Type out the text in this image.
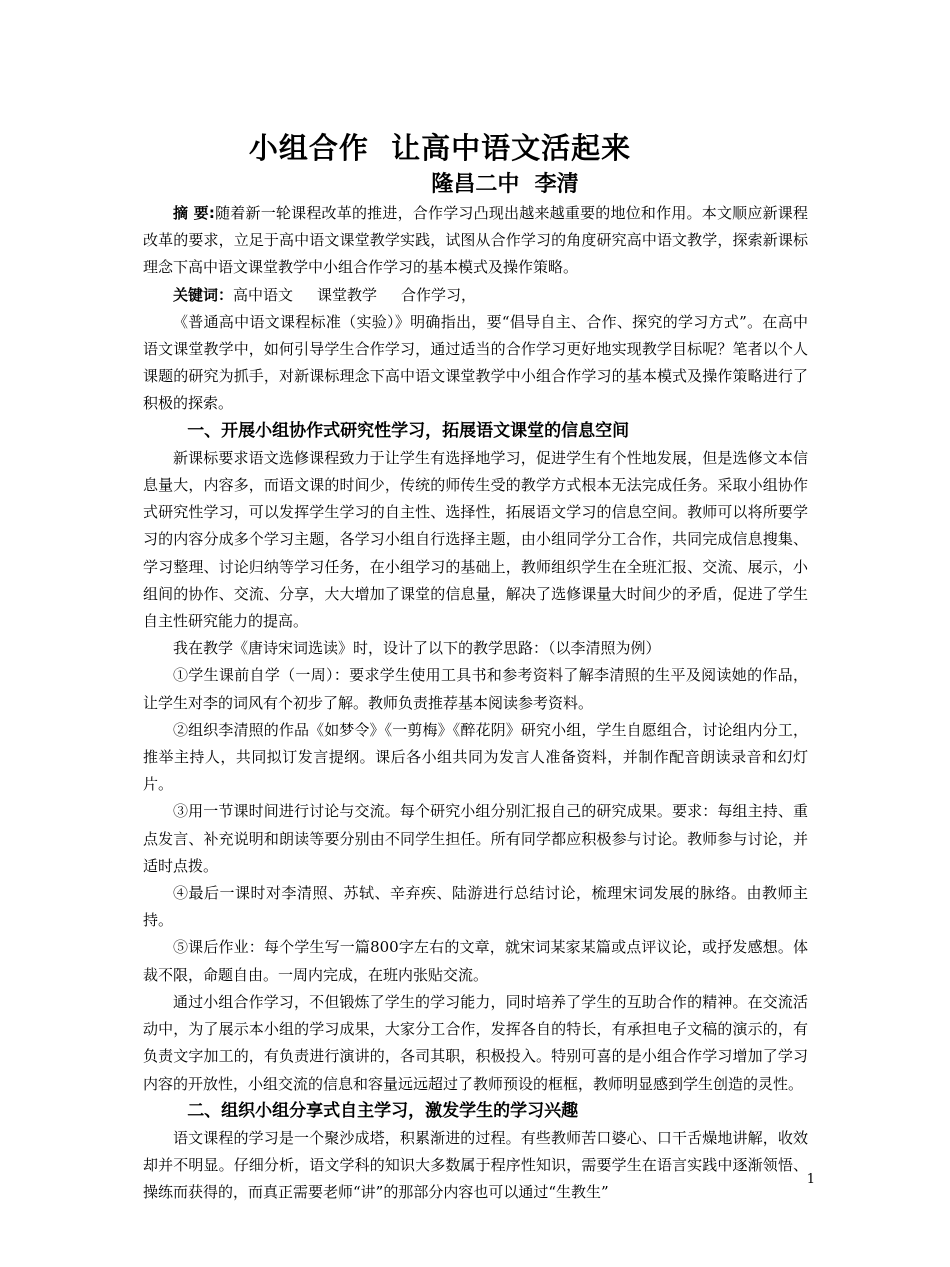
小组合作  让高中语文活起来
隆昌二中  李清

摘 要:随着新一轮课程改革的推进，合作学习凸现出越来越重要的地位和作用。本文顺应新课程改革的要求，立足于高中语文课堂教学实践，试图从合作学习的角度研究高中语文教学，探索新课标理念下高中语文课堂教学中小组合作学习的基本模式及操作策略。

关键词：高中语文 课堂教学 合作学习，

《普通高中语文课程标准（实验）》明确指出，要“倡导自主、合作、探究的学习方式”。在高中语文课堂教学中，如何引导学生合作学习，通过适当的合作学习更好地实现教学目标呢？笔者以个人课题的研究为抓手，对新课标理念下高中语文课堂教学中小组合作学习的基本模式及操作策略进行了积极的探索。

一、开展小组协作式研究性学习，拓展语文课堂的信息空间

新课标要求语文选修课程致力于让学生有选择地学习，促进学生有个性地发展，但是选修文本信息量大，内容多，而语文课的时间少，传统的师传生受的教学方式根本无法完成任务。采取小组协作式研究性学习，可以发挥学生学习的自主性、选择性，拓展语文学习的信息空间。教师可以将所要学习的内容分成多个学习主题，各学习小组自行选择主题，由小组同学分工合作，共同完成信息搜集、学习整理、讨论归纳等学习任务，在小组学习的基础上，教师组织学生在全班汇报、交流、展示，小组间的协作、交流、分享，大大增加了课堂的信息量，解决了选修课量大时间少的矛盾，促进了学生自主性研究能力的提高。

我在教学《唐诗宋词选读》时，设计了以下的教学思路：（以李清照为例）

①学生课前自学（一周）：要求学生使用工具书和参考资料了解李清照的生平及阅读她的作品，让学生对李的词风有个初步了解。教师负责推荐基本阅读参考资料。

②组织李清照的作品《如梦令》《一剪梅》《醉花阴》研究小组，学生自愿组合，讨论组内分工，推举主持人，共同拟订发言提纲。课后各小组共同为发言人准备资料，并制作配音朗读录音和幻灯片。

③用一节课时间进行讨论与交流。每个研究小组分别汇报自己的研究成果。要求：每组主持、重点发言、补充说明和朗读等要分别由不同学生担任。所有同学都应积极参与讨论。教师参与讨论，并适时点拨。

④最后一课时对李清照、苏轼、辛弃疾、陆游进行总结讨论，梳理宋词发展的脉络。由教师主持。

⑤课后作业：每个学生写一篇800字左右的文章，就宋词某家某篇或点评议论，或抒发感想。体裁不限，命题自由。一周内完成，在班内张贴交流。

通过小组合作学习，不但锻炼了学生的学习能力，同时培养了学生的互助合作的精神。在交流活动中，为了展示本小组的学习成果，大家分工合作，发挥各自的特长，有承担电子文稿的演示的，有负责文字加工的，有负责进行演讲的，各司其职，积极投入。特别可喜的是小组合作学习增加了学习内容的开放性，小组交流的信息和容量远远超过了教师预设的框框，教师明显感到学生创造的灵性。

二、组织小组分享式自主学习，激发学生的学习兴趣

语文课程的学习是一个聚沙成塔，积累渐进的过程。有些教师苦口婆心、口干舌燥地讲解，收效却并不明显。仔细分析，语文学科的知识大多数属于程序性知识，需要学生在语言实践中逐渐领悟、操练而获得的，而真正需要老师“讲”的那部分内容也可以通过“生教生”

1
